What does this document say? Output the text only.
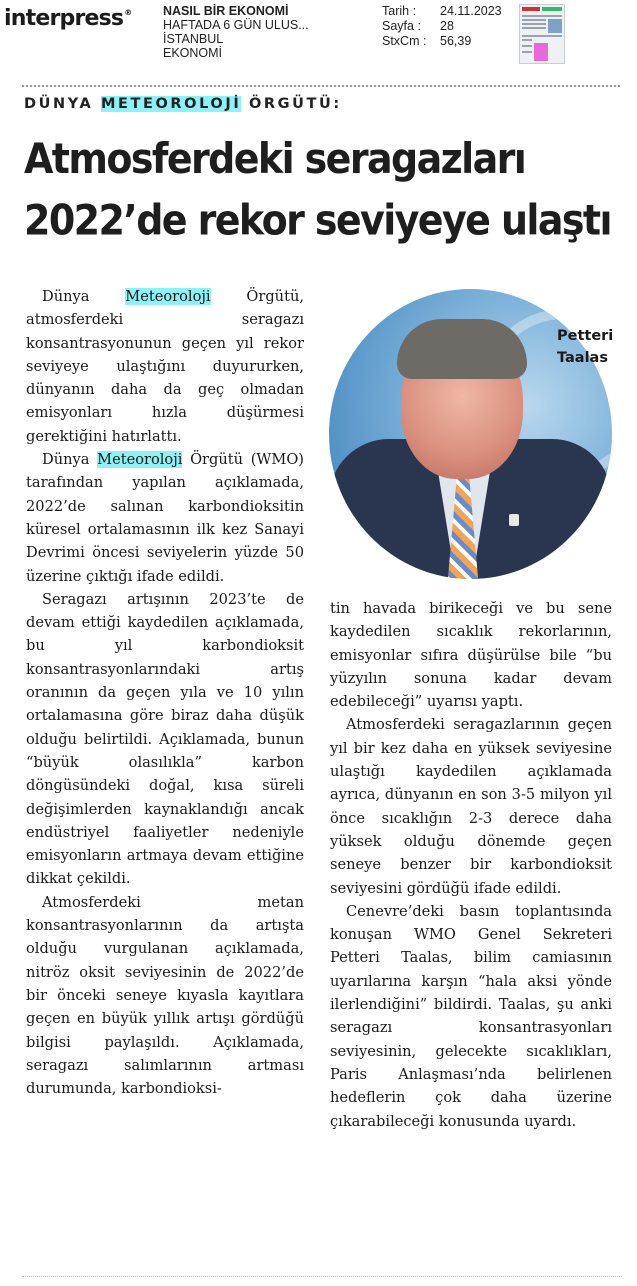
interpress®	NASIL BİR EKONOMİ
HAFTADA 6 GÜN ULUS...
İSTANBUL
EKONOMİ
Tarih :	24.11.2023
Sayfa :	28
StxCm :	56,39
DÜNYA METEOROLOJİ ÖRGÜTÜ:
Atmosferdeki seragazları
2022’de rekor seviyeye ulaştı

Dünya Meteoroloji Örgütü, atmosferdeki seragazı konsantrasyonunun geçen yıl rekor seviyeye ulaştığını duyururken, dünyanın daha da geç olmadan emisyonları hızla düşürmesi gerektiğini hatırlattı.

Dünya Meteoroloji Örgütü (WMO) tarafından yapılan açıklamada, 2022’de salınan karbondioksitin küresel ortalamasının ilk kez Sanayi Devrimi öncesi seviyelerin yüzde 50 üzerine çıktığı ifade edildi.

Seragazı artışının 2023’te de devam ettiği kaydedilen açıklamada, bu yıl karbondioksit konsantrasyonlarındaki artış oranının da geçen yıla ve 10 yılın ortalamasına göre biraz daha düşük olduğu belirtildi. Açıklamada, bunun “büyük olasılıkla” karbon döngüsündeki doğal, kısa süreli değişimlerden kaynaklandığı ancak endüstriyel faaliyetler nedeniyle emisyonların artmaya devam ettiğine dikkat çekildi.

Atmosferdeki metan konsantrasyonlarının da artışta olduğu vurgulanan açıklamada, nitröz oksit seviyesinin de 2022’de bir önceki seneye kıyasla kayıtlara geçen en büyük yıllık artışı gördüğü bilgisi paylaşıldı. Açıklamada, seragazı salımlarının artması durumunda, karbondioksi-

Petteri
Taalas

tin havada birikeceği ve bu sene kaydedilen sıcaklık rekorlarının, emisyonlar sıfıra düşürülse bile “bu yüzyılın sonuna kadar devam edebileceği” uyarısı yaptı.

Atmosferdeki seragazlarının geçen yıl bir kez daha en yüksek seviyesine ulaştığı kaydedilen açıklamada ayrıca, dünyanın en son 3-5 milyon yıl önce sıcaklığın 2-3 derece daha yüksek olduğu dönemde geçen seneye benzer bir karbondioksit seviyesini gördüğü ifade edildi.

Cenevre’deki basın toplantısında konuşan WMO Genel Sekreteri Petteri Taalas, bilim camiasının uyarılarına karşın “hala aksi yönde ilerlendiğini” bildirdi. Taalas, şu anki seragazı konsantrasyonları seviyesinin, gelecekte sıcaklıkları, Paris Anlaşması’nda belirlenen hedeflerin çok daha üzerine çıkarabileceği konusunda uyardı.
